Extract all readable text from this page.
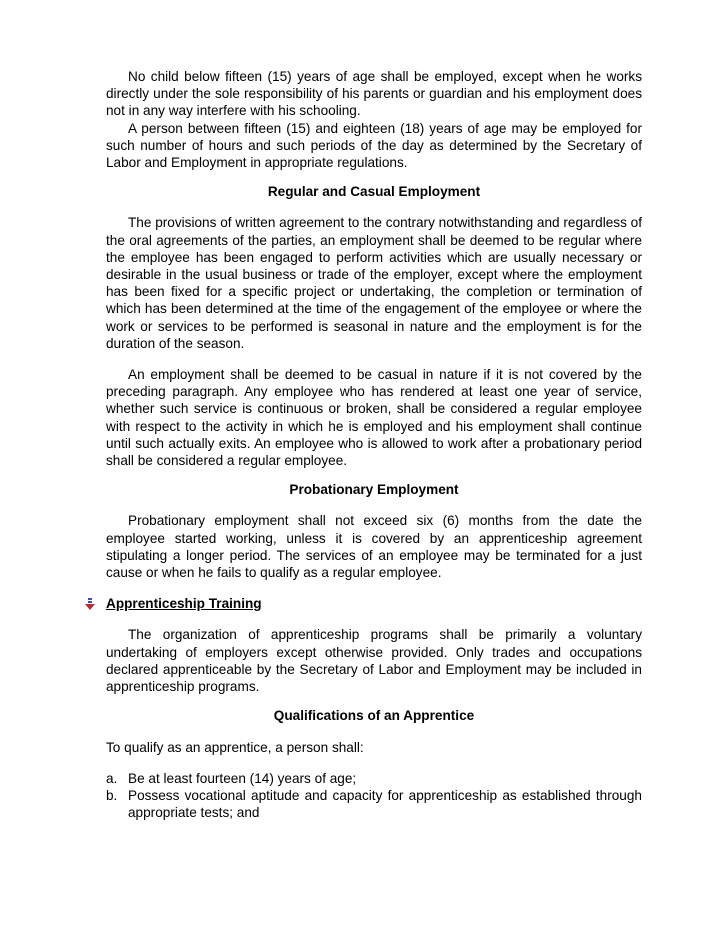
No child below fifteen (15) years of age shall be employed, except when he works directly under the sole responsibility of his parents or guardian and his employment does not in any way interfere with his schooling.

A person between fifteen (15) and eighteen (18) years of age may be employed for such number of hours and such periods of the day as determined by the Secretary of Labor and Employment in appropriate regulations.

Regular and Casual Employment

The provisions of written agreement to the contrary notwithstanding and regardless of the oral agreements of the parties, an employment shall be deemed to be regular where the employee has been engaged to perform activities which are usually necessary or desirable in the usual business or trade of the employer, except where the employment has been fixed for a specific project or undertaking, the completion or termination of which has been determined at the time of the engagement of the employee or where the work or services to be performed is seasonal in nature and the employment is for the duration of the season.

An employment shall be deemed to be casual in nature if it is not covered by the preceding paragraph. Any employee who has rendered at least one year of service, whether such service is continuous or broken, shall be considered a regular employee with respect to the activity in which he is employed and his employment shall continue until such actually exits. An employee who is allowed to work after a probationary period shall be considered a regular employee.

Probationary Employment

Probationary employment shall not exceed six (6) months from the date the employee started working, unless it is covered by an apprenticeship agreement stipulating a longer period. The services of an employee may be terminated for a just cause or when he fails to qualify as a regular employee.

Apprenticeship Training

The organization of apprenticeship programs shall be primarily a voluntary undertaking of employers except otherwise provided. Only trades and occupations declared apprenticeable by the Secretary of Labor and Employment may be included in apprenticeship programs.

Qualifications of an Apprentice

To qualify as an apprentice, a person shall:

a. Be at least fourteen (14) years of age;
b. Possess vocational aptitude and capacity for apprenticeship as established through appropriate tests; and
